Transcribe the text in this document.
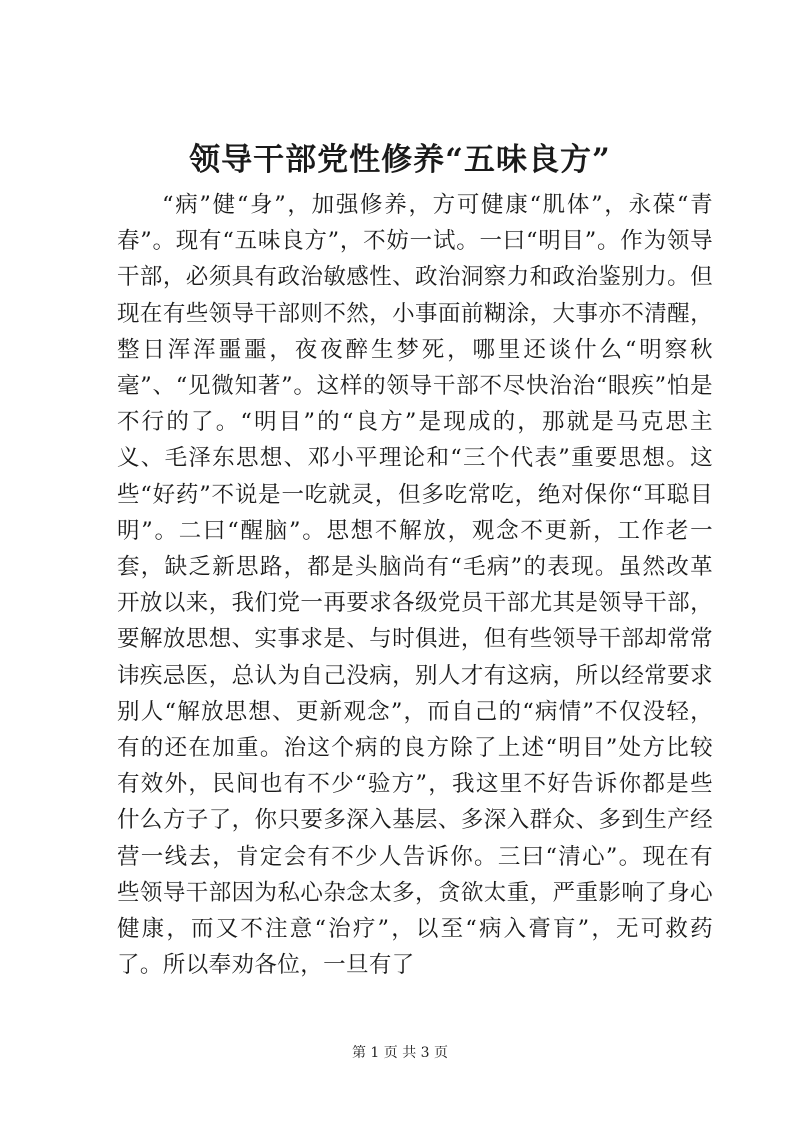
领导干部党性修养“五味良方”

“病”健“身”，加强修养，方可健康“肌体”，永葆“青春”。现有“五味良方”，不妨一试。一曰“明目”。作为领导干部，必须具有政治敏感性、政治洞察力和政治鉴别力。但现在有些领导干部则不然，小事面前糊涂，大事亦不清醒，整日浑浑噩噩，夜夜醉生梦死，哪里还谈什么“明察秋毫”、“见微知著”。这样的领导干部不尽快治治“眼疾”怕是不行的了。“明目”的“良方”是现成的，那就是马克思主义、毛泽东思想、邓小平理论和“三个代表”重要思想。这些“好药”不说是一吃就灵，但多吃常吃，绝对保你“耳聪目明”。二曰“醒脑”。思想不解放，观念不更新，工作老一套，缺乏新思路，都是头脑尚有“毛病”的表现。虽然改革开放以来，我们党一再要求各级党员干部尤其是领导干部，要解放思想、实事求是、与时俱进，但有些领导干部却常常讳疾忌医，总认为自己没病，别人才有这病，所以经常要求别人“解放思想、更新观念”，而自己的“病情”不仅没轻，有的还在加重。治这个病的良方除了上述“明目”处方比较有效外，民间也有不少“验方”，我这里不好告诉你都是些什么方子了，你只要多深入基层、多深入群众、多到生产经营一线去，肯定会有不少人告诉你。三曰“清心”。现在有些领导干部因为私心杂念太多，贪欲太重，严重影响了身心健康，而又不注意“治疗”，以至“病入膏肓”，无可救药了。所以奉劝各位，一旦有了

第 1 页 共 3 页
